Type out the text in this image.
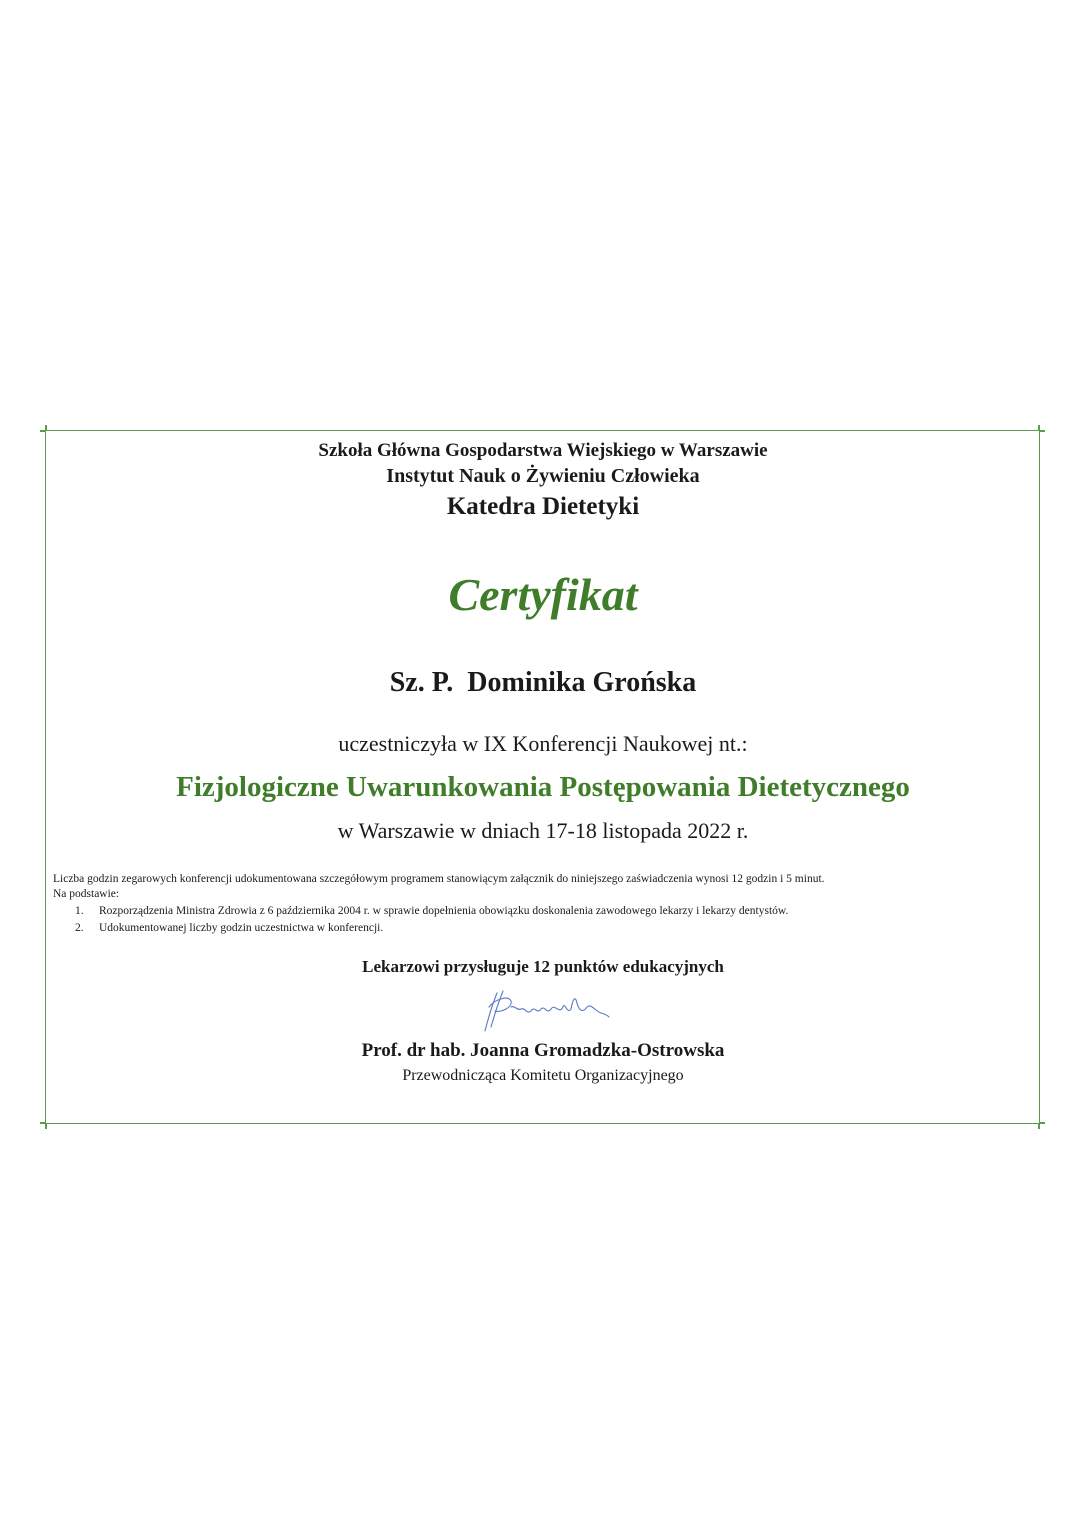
Szkoła Główna Gospodarstwa Wiejskiego w Warszawie
Instytut Nauk o Żywieniu Człowieka
Katedra Dietetyki
Certyfikat
Sz. P.  Dominika Grońska
uczestniczyła w IX Konferencji Naukowej nt.:
Fizjologiczne Uwarunkowania Postępowania Dietetycznego
w Warszawie w dniach 17-18 listopada 2022 r.

Liczba godzin zegarowych konferencji udokumentowana szczegółowym programem stanowiącym załącznik do niniejszego zaświadczenia wynosi 12 godzin i 5 minut.

Na podstawie:

1. Rozporządzenia Ministra Zdrowia z 6 października 2004 r. w sprawie dopełnienia obowiązku doskonalenia zawodowego lekarzy i lekarzy dentystów.
2. Udokumentowanej liczby godzin uczestnictwa w konferencji.
Lekarzowi przysługuje 12 punktów edukacyjnych
Prof. dr hab. Joanna Gromadzka-Ostrowska
Przewodnicząca Komitetu Organizacyjnego
